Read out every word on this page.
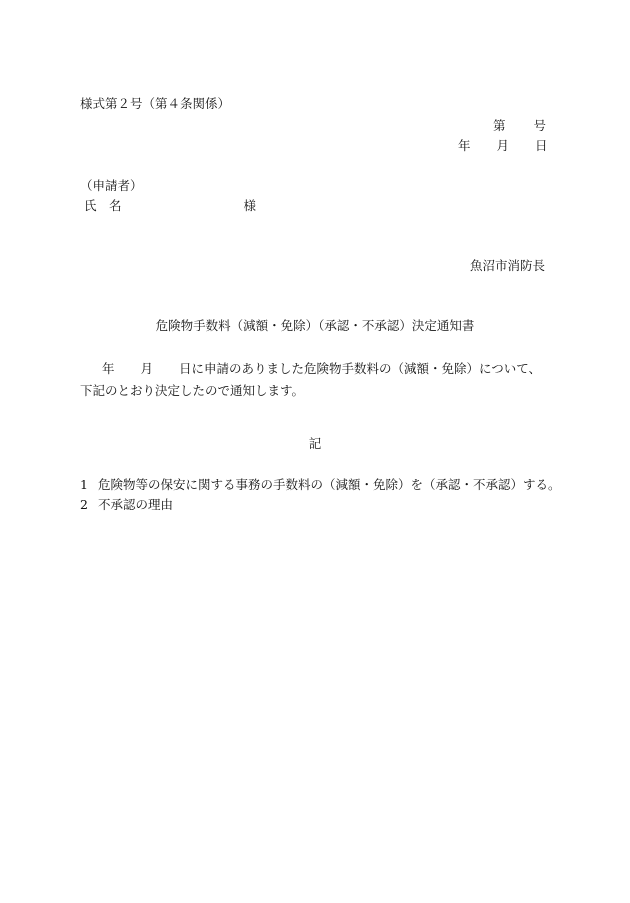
様式第２号（第４条関係）
第 号
年 月 日
（申請者）
氏　名	様
魚沼市消防長
危険物手数料（減額・免除）（承認・不承認）決定通知書
年 月 日に申請のありました危険物手数料の（減額・免除）について、下記のとおり決定したので通知します。
記
1 危険物等の保安に関する事務の手数料の（減額・免除）を（承認・不承認）する。
2 不承認の理由
